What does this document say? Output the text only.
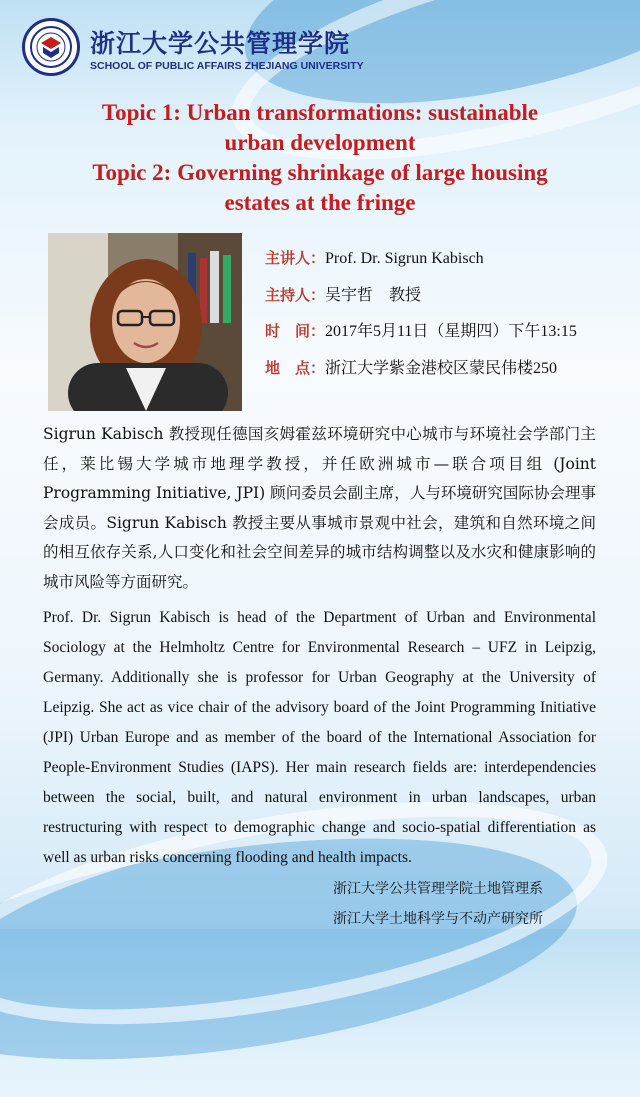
浙江大学公共管理学院
SCHOOL OF PUBLIC AFFAIRS ZHEJIANG UNIVERSITY
Topic 1: Urban transformations: sustainable
urban development
Topic 2: Governing shrinkage of large housing
estates at the fringe
主讲人：Prof. Dr. Sigrun Kabisch
主持人：吴宇哲　教授
时　间：2017年5月11日（星期四）下午13:15
地　点：浙江大学紫金港校区蒙民伟楼250
Sigrun Kabisch 教授现任德国亥姆霍兹环境研究中心城市与环境社会学部门主任，莱比锡大学城市地理学教授，并任欧洲城市—联合项目组 (Joint Programming Initiative, JPI) 顾问委员会副主席，人与环境研究国际协会理事会成员。Sigrun Kabisch 教授主要从事城市景观中社会，建筑和自然环境之间的相互依存关系,人口变化和社会空间差异的城市结构调整以及水灾和健康影响的城市风险等方面研究。
Prof. Dr. Sigrun Kabisch is head of the Department of Urban and Environmental Sociology at the Helmholtz Centre for Environmental Research – UFZ in Leipzig, Germany. Additionally she is professor for Urban Geography at the University of Leipzig. She act as vice chair of the advisory board of the Joint Programming Initiative (JPI) Urban Europe and as member of the board of the International Association for People-Environment Studies (IAPS). Her main research fields are: interdependencies between the social, built, and natural environment in urban landscapes, urban restructuring with respect to demographic change and socio-spatial differentiation as well as urban risks concerning flooding and health impacts.
浙江大学公共管理学院土地管理系
浙江大学土地科学与不动产研究所
